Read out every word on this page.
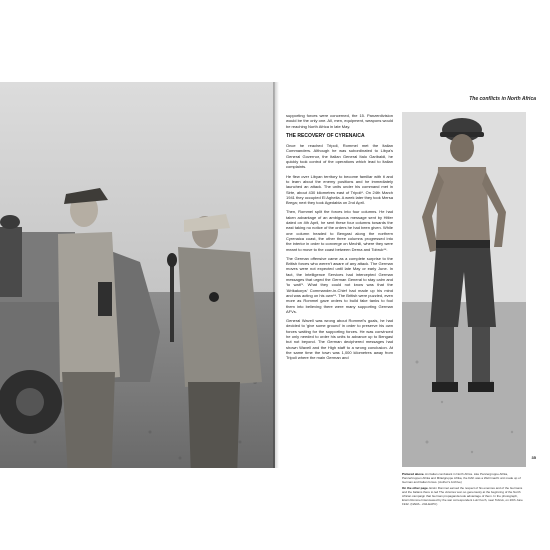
The conflicts in North Africa

supporting forces were concerned, the 15. Panzerdivision would be the only one. All, men, equipment, weapons would be reaching North Africa in late May.

THE RECOVERY OF CYRENAICA

Once he reached Tripoli, Rommel met the Italian Commanders. Although he was subordinated to Libya's General Governor, the Italian General Italo Garibaldi, he quickly took control of the operations which lead to Italian complaints.

He flew over Libyan territory to become familiar with it and to learn about the enemy positions and he immediately launched an attack. The units under his command met in Sirte, about 430 kilometres east of Tripoli*. On 24th March 1941 they occupied El Agheila. A week later they took Mersa Brega; next they took Agedabia on 2nd April.

Then, Rommel split the forces into four columns. He had taken advantage of an ambiguous message sent by Hitler dated on 4th April, he sent these four columns towards the east taking no notice of the orders he had been given. While one column headed to Bengasi along the northern Cyrenaica coast, the other three columns progressed into the interior in order to converge on Mechili, where they were meant to move to the coast between Derna and Tobruk**.

The German offensive came as a complete surprise to the British forces who weren't aware of any attack. The German moves were not expected until late May or early June. In fact, the Intelligence Services had intercepted German messages that urged the German General to stay calm and 'to wait'*. What they could not know was that the 'Afrikakorps' Commander-in-Chief had made up his mind and was acting on his own**. The British were puzzled, even more as Rommel gave orders to build fake tanks to fool them into believing there were many supporting German AFVs.

General Wavell was wrong about Rommel's goals, he had decided to 'give some ground' in order to preserve his own forces waiting for the supporting forces. He was convinced he only needed to order his units to advance up to Bengasi but not beyond. The German deciphered messages had shown Wavell and the High staff to a wrong conclusion. At the same time the town was 1,000 kilometres away from Tripoli where the main German and

Pictured above. An Italian combatant in North Africa. Like Panzergruppe Afrika, Panzertruppen Afrika and Mittelgruppe Afrika, the DAK was a Wehrmacht unit made up of German and Italian forces. (Author's Archive)

On the other page. Erwin Rommel earned the respect of his enemies and of the Germans and the Italians there to led The victories won so generously at the beginning of the North African campaign that German propaganda took advantage of them. In the photograph, Erwin Rommel interviewed by the war correspondent Lutz Koch, near Tobruk, on 20th June 1942. (NARA - 242-EAPC)

35
